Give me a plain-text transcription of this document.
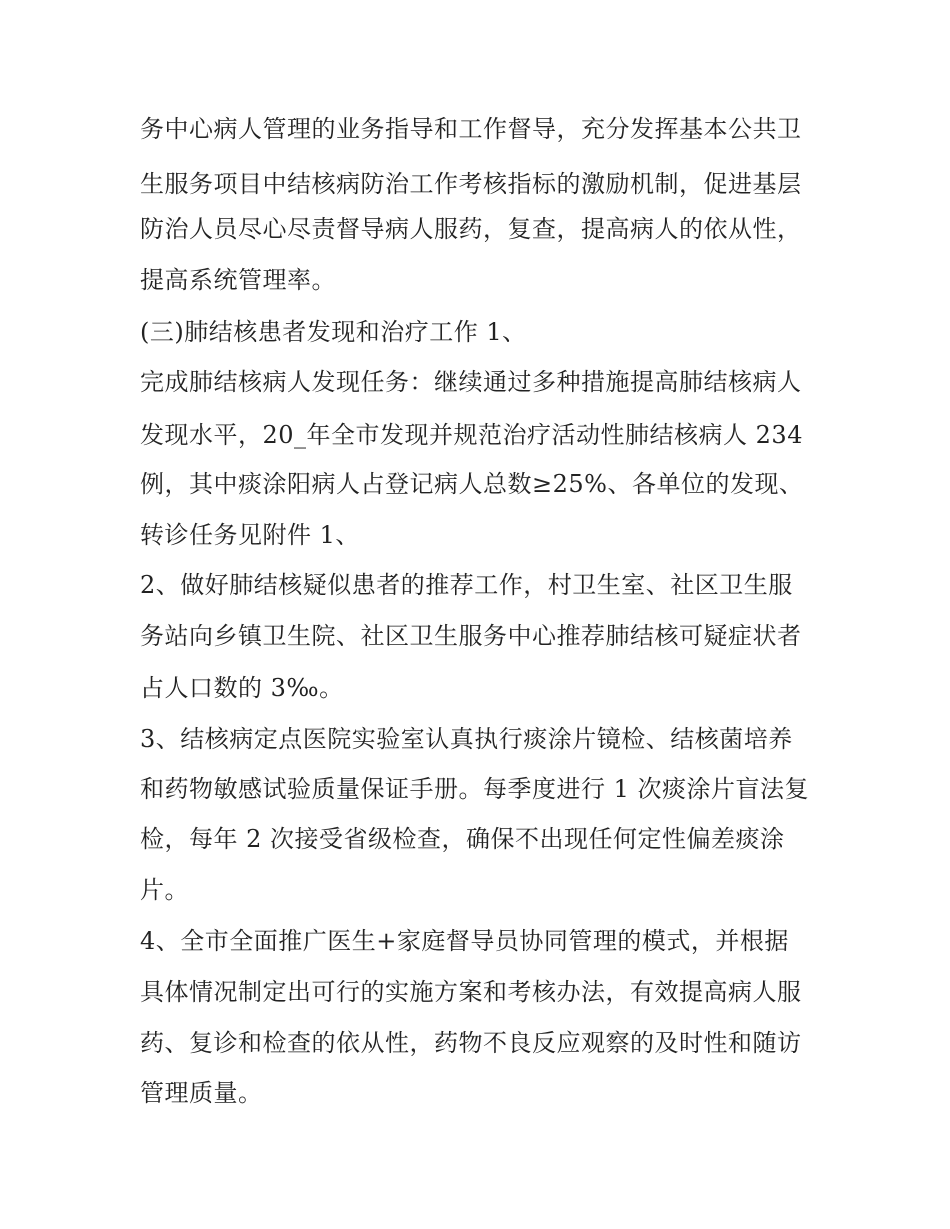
务中心病人管理的业务指导和工作督导，充分发挥基本公共卫
生服务项目中结核病防治工作考核指标的激励机制，促进基层
防治人员尽心尽责督导病人服药，复查，提高病人的依从性，
提高系统管理率。
(三)肺结核患者发现和治疗工作 1、
完成肺结核病人发现任务：继续通过多种措施提高肺结核病人
发现水平，20_年全市发现并规范治疗活动性肺结核病人 234
例，其中痰涂阳病人占登记病人总数≥25%、各单位的发现、
转诊任务见附件 1、
2、做好肺结核疑似患者的推荐工作，村卫生室、社区卫生服
务站向乡镇卫生院、社区卫生服务中心推荐肺结核可疑症状者
占人口数的 3‰。
3、结核病定点医院实验室认真执行痰涂片镜检、结核菌培养
和药物敏感试验质量保证手册。每季度进行 1 次痰涂片盲法复
检，每年 2 次接受省级检查，确保不出现任何定性偏差痰涂
片。
4、全市全面推广医生+家庭督导员协同管理的模式，并根据
具体情况制定出可行的实施方案和考核办法，有效提高病人服
药、复诊和检查的依从性，药物不良反应观察的及时性和随访
管理质量。
